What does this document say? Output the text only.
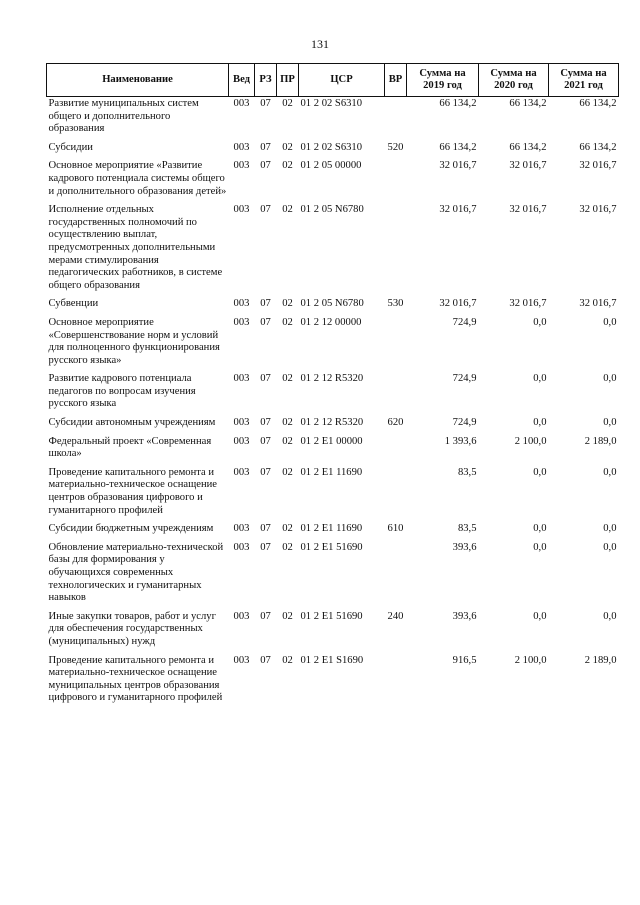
131
Наименование	Вед	РЗ	ПР	ЦСР	ВР	Сумма на 2019 год	Сумма на 2020 год	Сумма на 2021 год
Развитие муниципальных систем общего и дополнительного образования	003	07	02	01 2 02 S6310		66 134,2	66 134,2	66 134,2
Субсидии	003	07	02	01 2 02 S6310	520	66 134,2	66 134,2	66 134,2
Основное мероприятие «Развитие кадрового потенциала системы общего и дополнительного образования детей»	003	07	02	01 2 05 00000		32 016,7	32 016,7	32 016,7
Исполнение отдельных государственных полномочий по осуществлению выплат, предусмотренных дополнительными мерами стимулирования педагогических работников, в системе общего образования	003	07	02	01 2 05 N6780		32 016,7	32 016,7	32 016,7
Субвенции	003	07	02	01 2 05 N6780	530	32 016,7	32 016,7	32 016,7
Основное мероприятие «Совершенствование норм и условий для полноценного функционирования русского языка»	003	07	02	01 2 12 00000		724,9	0,0	0,0
Развитие кадрового потенциала педагогов по вопросам изучения русского языка	003	07	02	01 2 12 R5320		724,9	0,0	0,0
Субсидии автономным учреждениям	003	07	02	01 2 12 R5320	620	724,9	0,0	0,0
Федеральный проект «Современная школа»	003	07	02	01 2 E1 00000		1 393,6	2 100,0	2 189,0
Проведение капитального ремонта и материально-техническое оснащение центров образования цифрового и гуманитарного профилей	003	07	02	01 2 E1 11690		83,5	0,0	0,0
Субсидии бюджетным учреждениям	003	07	02	01 2 E1 11690	610	83,5	0,0	0,0
Обновление материально-технической базы для формирования у обучающихся современных технологических и гуманитарных навыков	003	07	02	01 2 E1 51690		393,6	0,0	0,0
Иные закупки товаров, работ и услуг для обеспечения государственных (муниципальных) нужд	003	07	02	01 2 E1 51690	240	393,6	0,0	0,0
Проведение капитального ремонта и материально-техническое оснащение муниципальных центров образования цифрового и гуманитарного профилей	003	07	02	01 2 E1 S1690		916,5	2 100,0	2 189,0
